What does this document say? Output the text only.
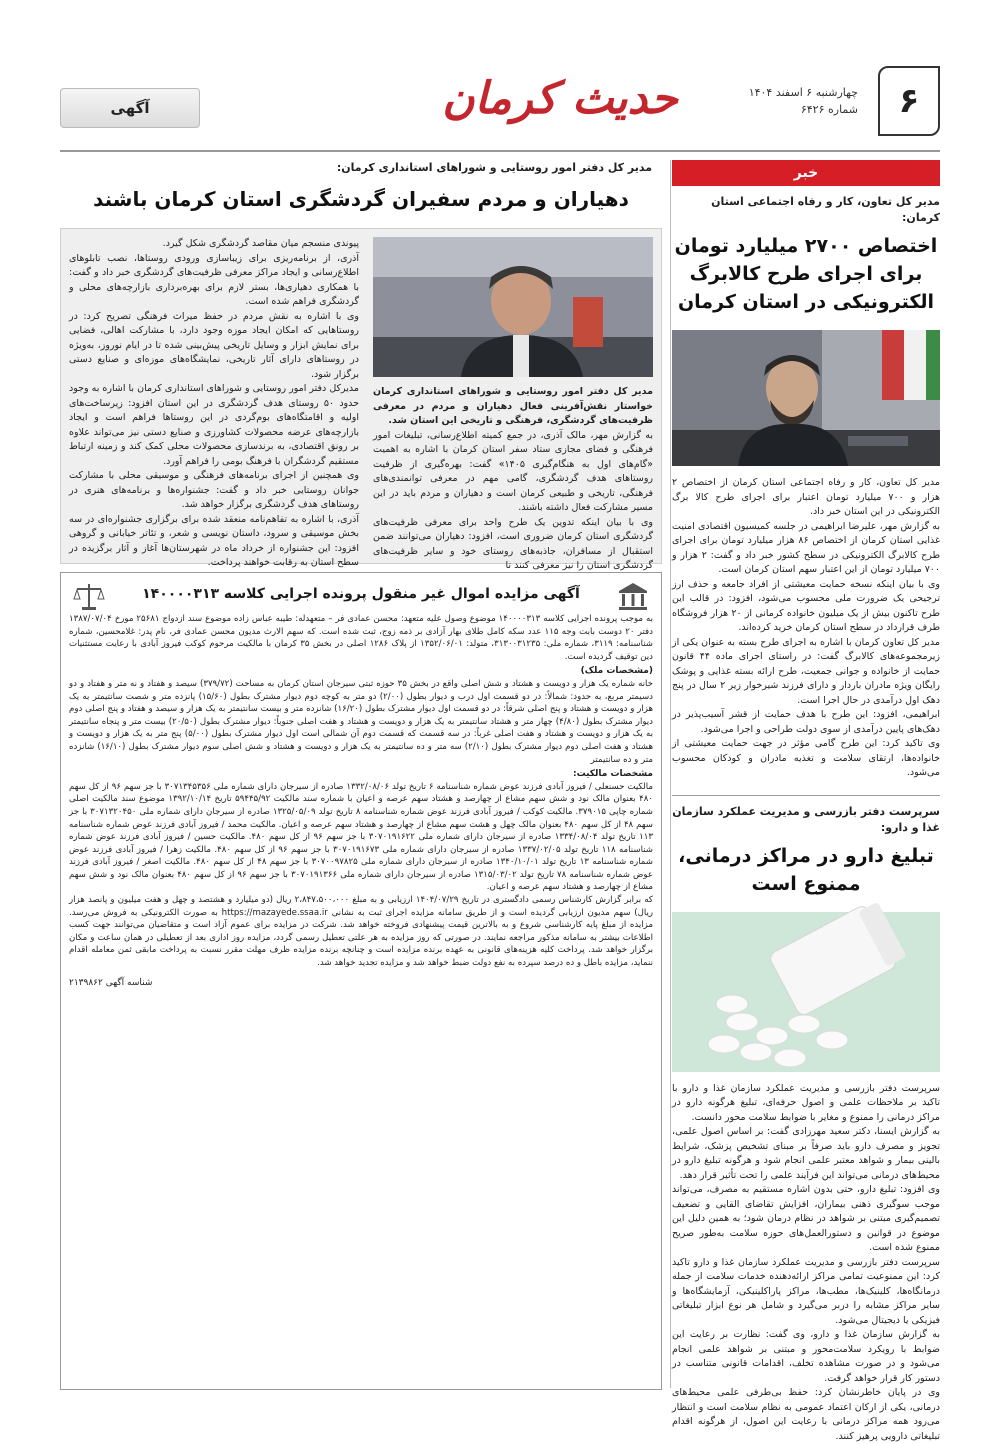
۶
چهارشنبه ۶ اسفند ۱۴۰۴
شماره ۶۴۲۶
حدیث کرمان
آگهی
خبر
مدیر کل تعاون، کار و رفاه اجتماعی استان کرمان:
اختصاص ۲۷۰۰ میلیارد تومان برای اجرای طرح کالابرگ الکترونیکی در استان کرمان

مدیر کل تعاون، کار و رفاه اجتماعی استان کرمان از اختصاص ۲ هزار و ۷۰۰ میلیارد تومان اعتبار برای اجرای طرح کالا برگ الکترونیکی در این استان خبر داد.

به گزارش مهر، علیرضا ابراهیمی در جلسه کمیسیون اقتصادی امنیت غذایی استان کرمان از اختصاص ۸۶ هزار میلیارد تومان برای اجرای طرح کالابرگ الکترونیکی در سطح کشور خبر داد و گفت: ۲ هزار و ۷۰۰ میلیارد تومان از این اعتبار سهم استان کرمان است.

وی با بیان اینکه نسخه حمایت معیشتی از افراد جامعه و حذف ارز ترجیحی یک ضرورت ملی محسوب می‌شود، افزود: در قالب این طرح تاکنون بیش از یک میلیون خانواده کرمانی از ۲۰ هزار فروشگاه طرف قرارداد در سطح استان کرمان خرید کرده‌اند.

مدیر کل تعاون کرمان با اشاره به اجرای طرح بسته به عنوان یکی از زیرمجموعه‌های کالابرگ گفت: در راستای اجرای ماده ۴۴ قانون حمایت از خانواده و جوانی جمعیت، طرح ارائه بسته غذایی و پوشک رایگان ویژه مادران باردار و دارای فرزند شیرخوار زیر ۲ سال در پنج دهک اول درآمدی در حال اجرا است.

ابراهیمی، افزود: این طرح با هدف حمایت از قشر آسیب‌پذیر در دهک‌های پایین درآمدی از سوی دولت طراحی و اجرا می‌شود.

وی تاکید کرد: این طرح گامی مؤثر در جهت حمایت معیشتی از خانواده‌ها، ارتقای سلامت و تغذیه مادران و کودکان محسوب می‌شود.

سرپرست دفتر بازرسی و مدیریت عملکرد سازمان غذا و دارو:
تبلیغ دارو در مراکز درمانی، ممنوع است

سرپرست دفتر بازرسی و مدیریت عملکرد سازمان غذا و دارو با تاکید بر ملاحظات علمی و اصول حرفه‌ای، تبلیغ هرگونه دارو در مراکز درمانی را ممنوع و مغایر با ضوابط سلامت محور دانست.

به گزارش ایسنا، دکتر سعید مهرزادی گفت: بر اساس اصول علمی، تجویز و مصرف دارو باید صرفاً بر مبنای تشخیص پزشک، شرایط بالینی بیمار و شواهد معتبر علمی انجام شود و هرگونه تبلیغ دارو در محیط‌های درمانی می‌تواند این فرآیند علمی را تحت تأثیر قرار دهد.

وی افزود: تبلیغ دارو، حتی بدون اشاره مستقیم به مصرف، می‌تواند موجب سوگیری ذهنی بیماران، افزایش تقاضای القایی و تضعیف تصمیم‌گیری مبتنی بر شواهد در نظام درمان شود؛ به همین دلیل این موضوع در قوانین و دستورالعمل‌های حوزه سلامت به‌طور صریح ممنوع شده است.

سرپرست دفتر بازرسی و مدیریت عملکرد سازمان غذا و دارو تاکید کرد: این ممنوعیت تمامی مراکز ارائه‌دهنده خدمات سلامت از جمله درمانگاه‌ها، کلینیک‌ها، مطب‌ها، مراکز پاراکلینیکی، آزمایشگاه‌ها و سایر مراکز مشابه را دربر می‌گیرد و شامل هر نوع ابزار تبلیغاتی فیزیکی یا دیجیتال می‌شود.

به گزارش سازمان غذا و دارو، وی گفت: نظارت بر رعایت این ضوابط با رویکرد سلامت‌محور و مبتنی بر شواهد علمی انجام می‌شود و در صورت مشاهده تخلف، اقدامات قانونی متناسب در دستور کار قرار خواهد گرفت.

وی در پایان خاطرنشان کرد: حفظ بی‌طرفی علمی محیط‌های درمانی، یکی از ارکان اعتماد عمومی به نظام سلامت است و انتظار می‌رود همه مراکز درمانی با رعایت این اصول، از هرگونه اقدام تبلیغاتی دارویی پرهیز کنند.

مدیر کل دفتر امور روستایی و شوراهای استانداری کرمان:
دهیاران و مردم سفیران گردشگری استان کرمان باشند

مدیر کل دفتر امور روستایی و شوراهای استانداری کرمان خواستار نقش‌آفرینی فعال دهیاران و مردم در معرفی ظرفیت‌های گردشگری، فرهنگی و تاریخی این استان شد.

به گزارش مهر، مالک آذری، در جمع کمیته اطلاع‌رسانی، تبلیغات امور فرهنگی و فضای مجازی ستاد سفر استان کرمان با اشاره به اهمیت «گام‌های اول به هنگام‌گیری ۱۴۰۵» گفت: بهره‌گیری از ظرفیت روستاهای هدف گردشگری، گامی مهم در معرفی توانمندی‌های فرهنگی، تاریخی و طبیعی کرمان است و دهیاران و مردم باید در این مسیر مشارکت فعال داشته باشند.

وی با بیان اینکه تدوین یک طرح واحد برای معرفی ظرفیت‌های گردشگری استان کرمان ضروری است، افزود: دهیاران می‌توانند ضمن استقبال از مسافران، جاذبه‌های روستای خود و سایر ظرفیت‌های گردشگری استان را نیز معرفی کنند تا

پیوندی منسجم میان مقاصد گردشگری شکل گیرد.

آذری، از برنامه‌ریزی برای زیباسازی ورودی روستاها، نصب تابلوهای اطلاع‌رسانی و ایجاد مراکز معرفی ظرفیت‌های گردشگری خبر داد و گفت: با همکاری دهیاری‌ها، بستر لازم برای بهره‌برداری بازارچه‌های محلی و گردشگری فراهم شده است.

وی با اشاره به نقش مردم در حفظ میراث فرهنگی تصریح کرد: در روستاهایی که امکان ایجاد موزه وجود دارد، با مشارکت اهالی، فضایی برای نمایش ابزار و وسایل تاریخی پیش‌بینی شده تا در ایام نوروز، به‌ویژه در روستاهای دارای آثار تاریخی، نمایشگاه‌های موزه‌ای و صنایع دستی برگزار شود.

مدیرکل دفتر امور روستایی و شوراهای استانداری کرمان با اشاره به وجود حدود ۵۰ روستای هدف گردشگری در این استان افزود: زیرساخت‌های اولیه و اقامتگاه‌های بوم‌گردی در این روستاها فراهم است و ایجاد بازارچه‌های عرضه محصولات کشاورزی و صنایع دستی نیز می‌تواند علاوه بر رونق اقتصادی، به برندسازی محصولات محلی کمک کند و زمینه ارتباط مستقیم گردشگران با فرهنگ بومی را فراهم آورد.

وی همچنین از اجرای برنامه‌های فرهنگی و موسیقی محلی با مشارکت جوانان روستایی خبر داد و گفت: جشنواره‌ها و برنامه‌های هنری در روستاهای هدف گردشگری برگزار خواهد شد.

آذری، با اشاره به تفاهم‌نامه منعقد شده برای برگزاری جشنواره‌ای در سه بخش موسیقی و سرود، داستان نویسی و شعر، و تئاتر خیابانی و گروهی افزود: این جشنواره از خرداد ماه در شهرستان‌ها آغاز و آثار برگزیده در سطح استان به رقابت خواهند پرداخت.

آگهی مزایده اموال غیر منقول پرونده اجرایی کلاسه ۱۴۰۰۰۰۳۱۳

به موجب پرونده اجرایی کلاسه ۱۴۰۰۰۰۳۱۳ موضوع وصول علیه متعهد: محسن عمادی فر – متعهدله: طیبه عباس زاده موضوع سند ازدواج ۲۵۶۸۱ مورخ ۱۳۸۷/۰۷/۰۴ دفتر ۲۰ دوست بابت وجه ۱۱۵ عدد سکه کامل طلای بهار آزادی بر ذمه زوج، ثبت شده است. که سهم الارث مدیون محسن عمادی فر، نام پدر: غلامحسین، شماره شناسنامه: ۳۱۱۹، شماره ملی: ۳۱۳۰۰۳۱۲۳۵، متولد: ۱۳۵۲/۰۶/۰۱ از پلاک ۱۲۸۶ اصلی در بخش ۳۵ کرمان با مالکیت مرحوم کوکب فیروز آبادی با رعایت مستثنیات دین توقیف گردیده است.

(مشخصات ملک)

خانه شماره یک هزار و دویست و هشتاد و شش اصلی واقع در بخش ۳۵ حوزه ثبتی سیرجان استان کرمان به مساحت (۳۷۹/۷۲) سیصد و هفتاد و نه متر و هفتاد و دو دسیمتر مربع، به حدود: شمالاً: در دو قسمت اول درب و دیوار بطول (۲/۰۰) دو متر به کوچه دوم دیوار مشترک بطول (۱۵/۶۰) پانزده متر و شصت سانتیمتر به یک هزار و دویست و هشتاد و پنج اصلی شرقاً: در دو قسمت اول دیوار مشترک بطول (۱۶/۲۰) شانزده متر و بیست سانتیمتر به یک هزار و سیصد و هفتاد و پنج اصلی دوم دیوار مشترک بطول (۴/۸۰) چهار متر و هشتاد سانتیمتر به یک هزار و دویست و هشتاد و هفت اصلی جنوباً: دیوار مشترک بطول (۲۰/۵۰) بیست متر و پنجاه سانتیمتر به یک هزار و دویست و هشتاد و هفت اصلی غرباً: در سه قسمت که قسمت دوم آن شمالی است اول دیوار مشترک بطول (۵/۰۰) پنج متر به یک هزار و دویست و هشتاد و هفت اصلی دوم دیوار مشترک بطول (۲/۱۰) سه متر و ده سانتیمتر به یک هزار و دویست و هشتاد و شش اصلی سوم دیوار مشترک بطول (۱۶/۱۰) شانزده متر و ده سانتیمتر

مشخصات مالکیت:

مالکیت حسنعلی / فیروز آبادی فرزند عوض شماره شناسنامه ۶ تاریخ تولد ۱۳۳۲/۰۸/۰۶ صادره از سیرجان دارای شماره ملی ۳۰۷۱۳۴۵۳۵۶ با جز سهم ۹۶ از کل سهم ۴۸۰ بعنوان مالک نود و شش سهم مشاع از چهارصد و هشتاد سهم عرصه و اعیان با شماره سند مالکیت ۵۹۴۴۵/۹۲ تاریخ ۱۳۹۲/۱۰/۱۴ موضوع سند مالکیت اصلی شماره چاپی ۳۷۹۰۱۵. مالکیت کوکب / فیروز آبادی فرزند عوض شماره شناسنامه ۸ تاریخ تولد ۱۳۲۵/۰۵/۰۹ صادره از سیرجان دارای شماره ملی ۳۰۷۱۳۲۰۴۵۰ با جز سهم ۴۸ از کل سهم ۴۸۰ بعنوان مالک چهل و هشت سهم مشاع از چهارصد و هشتاد سهم عرصه و اعیان. مالکیت محمد / فیروز آبادی فرزند عوض شماره شناسنامه ۱۱۳ تاریخ تولد ۱۳۳۴/۰۸/۰۴ صادره از سیرجان دارای شماره ملی ۳۰۷۰۱۹۱۶۲۲ با جز سهم ۹۶ از کل سهم ۴۸۰. مالکیت حسین / فیروز آبادی فرزند عوض شماره شناسنامه ۱۱۸ تاریخ تولد ۱۳۳۷/۰۲/۰۵ صادره از سیرجان دارای شماره ملی ۳۰۷۰۱۹۱۶۷۳ با جز سهم ۹۶ از کل سهم ۴۸۰. مالکیت زهرا / فیروز آبادی فرزند عوض شماره شناسنامه ۱۳ تاریخ تولد ۱۳۴۰/۱۰/۰۱ صادره از سیرجان دارای شماره ملی ۳۰۷۰۰۹۷۸۲۵ با جز سهم ۴۸ از کل سهم ۴۸۰. مالکیت اصغر / فیروز آبادی فرزند عوض شماره شناسنامه ۷۸ تاریخ تولد ۱۳۱۵/۰۳/۰۲ صادره از سیرجان دارای شماره ملی ۳۰۷۰۱۹۱۳۶۶ با جز سهم ۹۶ از کل سهم ۴۸۰ بعنوان مالک نود و شش سهم مشاع از چهارصد و هشتاد سهم عرصه و اعیان.

که برابر گزارش کارشناس رسمی دادگستری در تاریخ ۱۴۰۴/۰۷/۲۹ ارزیابی و به مبلغ ۲،۸۴۷،۵۰۰،۰۰۰ ریال (دو میلیارد و هشتصد و چهل و هفت میلیون و پانصد هزار ریال) سهم مدیون ارزیابی گردیده است و از طریق سامانه مزایده اجرای ثبت به نشانی https://mazayede.ssaa.ir به صورت الکترونیکی به فروش می‌رسد. مزایده از مبلغ پایه کارشناسی شروع و به بالاترین قیمت پیشنهادی فروخته خواهد شد. شرکت در مزایده برای عموم آزاد است و متقاضیان می‌توانند جهت کسب اطلاعات بیشتر به سامانه مذکور مراجعه نمایند. در صورتی که روز مزایده به هر علتی تعطیل رسمی گردد، مزایده روز اداری بعد از تعطیلی در همان ساعت و مکان برگزار خواهد شد. پرداخت کلیه هزینه‌های قانونی به عهده برنده مزایده است و چنانچه برنده مزایده ظرف مهلت مقرر نسبت به پرداخت مابقی ثمن معامله اقدام ننماید، مزایده باطل و ده درصد سپرده به نفع دولت ضبط خواهد شد و مزایده تجدید خواهد شد.

شناسه آگهی ۲۱۳۹۸۶۲
